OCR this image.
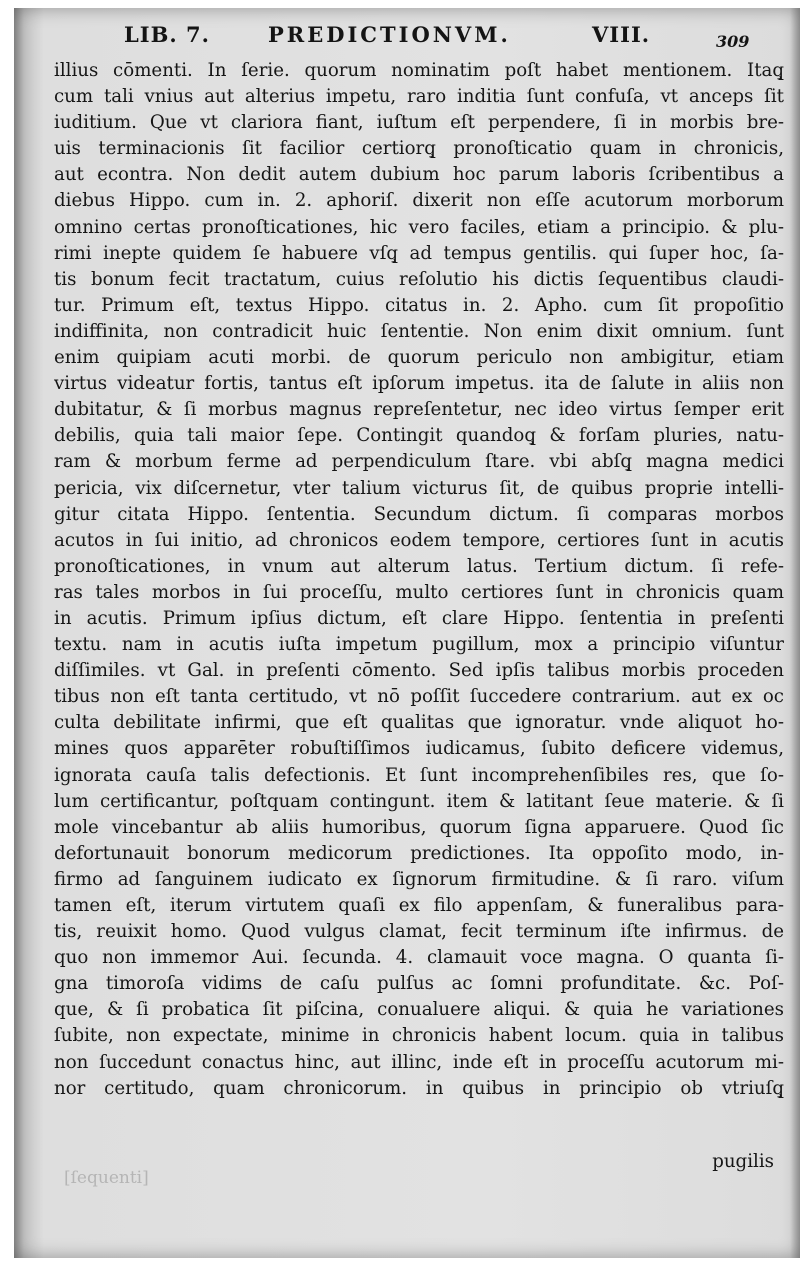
LIB. 7.	PREDICTIONVM.	VIII.	309
illius cōmenti. In ſerie. quorum nominatim poſt habet mentionem. Itaq̧
cum tali vnius aut alterius impetu, raro inditia ſunt confuſa, vt anceps ſit
iuditium. Que vt clariora fiant, iuſtum eſt perpendere, ſi in morbis bre-
uis terminacionis ſit facilior certiorq̧ pronoſticatio quam in chronicis,
aut econtra. Non dedit autem dubium hoc parum laboris ſcribentibus a
diebus Hippo. cum in. 2. aphoriſ. dixerit non eſſe acutorum morborum
omnino certas pronoſticationes, hic vero faciles, etiam a principio. & plu-
rimi inepte quidem ſe habuere vſq̧ ad tempus gentilis. qui ſuper hoc, ſa-
tis bonum fecit tractatum, cuius reſolutio his dictis ſequentibus claudi-
tur. Primum eſt, textus Hippo. citatus in. 2. Apho. cum ſit propoſitio
indiffinita, non contradicit huic ſententie. Non enim dixit omnium. ſunt
enim quipiam acuti morbi. de quorum periculo non ambigitur, etiam
virtus videatur fortis, tantus eſt ipſorum impetus. ita de ſalute in aliis non
dubitatur, & ſi morbus magnus repreſentetur, nec ideo virtus ſemper erit
debilis, quia tali maior ſepe. Contingit quandoq̧ & forſam pluries, natu-
ram & morbum ferme ad perpendiculum ſtare. vbi abſq̧ magna medici
pericia, vix diſcernetur, vter talium victurus ſit, de quibus proprie intelli-
gitur citata Hippo. ſententia. Secundum dictum. ſi comparas morbos
acutos in ſui initio, ad chronicos eodem tempore, certiores ſunt in acutis
pronoſticationes, in vnum aut alterum latus. Tertium dictum. ſi refe-
ras tales morbos in ſui proceſſu, multo certiores ſunt in chronicis quam
in acutis. Primum ipſius dictum, eſt clare Hippo. ſententia in preſenti
textu. nam in acutis iuſta impetum pugillum, mox a principio viſuntur
diſſimiles. vt Gal. in preſenti cōmento. Sed ipſis talibus morbis proceden
tibus non eſt tanta certitudo, vt nō poſſit ſuccedere contrarium. aut ex oc
culta debilitate infirmi, que eſt qualitas que ignoratur. vnde aliquot ho-
mines quos apparēter robuſtiſſimos iudicamus, ſubito deficere videmus,
ignorata cauſa talis defectionis. Et ſunt incomprehenſibiles res, que ſo-
lum certificantur, poſtquam contingunt. item & latitant ſeue materie. & ſi
mole vincebantur ab aliis humoribus, quorum ſigna apparuere. Quod ſic
defortunauit bonorum medicorum predictiones. Ita oppoſito modo, in-
firmo ad ſanguinem iudicato ex ſignorum firmitudine. & ſi raro. viſum
tamen eſt, iterum virtutem quaſi ex filo appenſam, & funeralibus para-
tis, reuixit homo. Quod vulgus clamat, fecit terminum iſte infirmus. de
quo non immemor Aui. ſecunda. 4. clamauit voce magna. O quanta ſi-
gna timoroſa vidims de caſu pulſus ac ſomni profunditate. &c. Poſ-
que, & ſi probatica ſit piſcina, conualuere aliqui. & quia he variationes
ſubite, non expectate, minime in chronicis habent locum. quia in talibus
non ſuccedunt conactus hinc, aut illinc, inde eſt in proceſſu acutorum mi-
nor certitudo, quam chronicorum. in quibus in principio ob vtriuſq̧
pugilis
[ſequenti]
